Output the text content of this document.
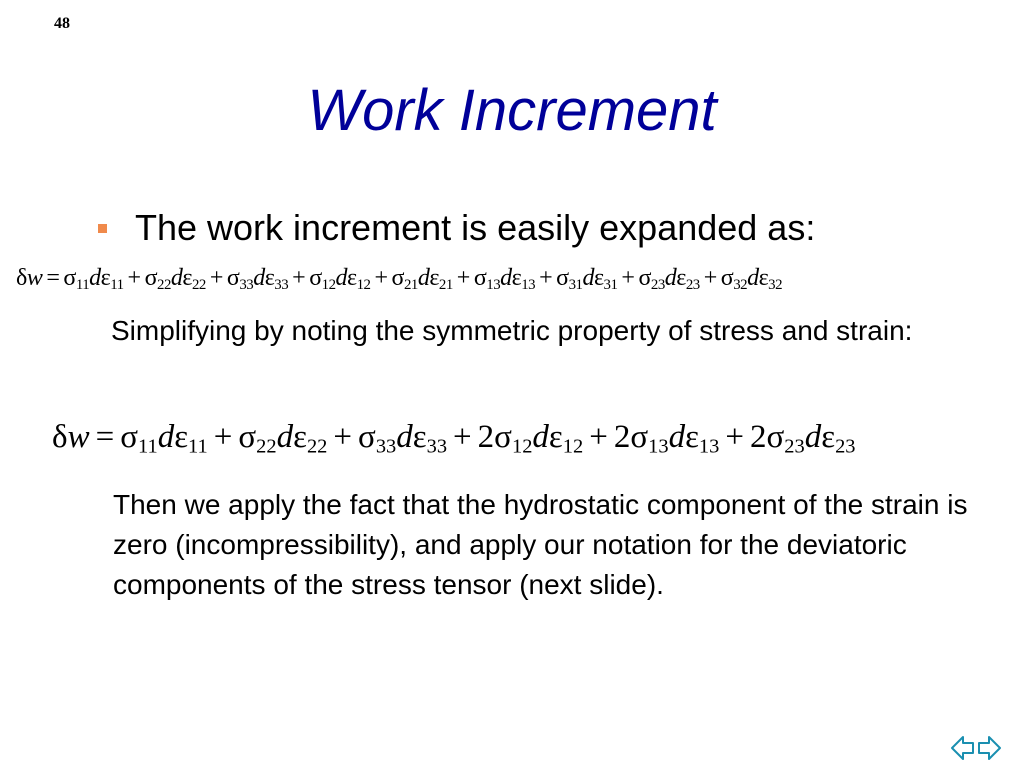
48
Work Increment
The work increment is easily expanded as:
$\delta w = \sigma_{11}d\varepsilon_{11} + \sigma_{22}d\varepsilon_{22} + \sigma_{33}d\varepsilon_{33} + \sigma_{12}d\varepsilon_{12} + \sigma_{21}d\varepsilon_{21} + \sigma_{13}d\varepsilon_{13} + \sigma_{31}d\varepsilon_{31} + \sigma_{23}d\varepsilon_{23} + \sigma_{32}d\varepsilon_{32}$
Simplifying by noting the symmetric property of stress and strain:
$\delta w = \sigma_{11}d\varepsilon_{11} + \sigma_{22}d\varepsilon_{22} + \sigma_{33}d\varepsilon_{33} + 2\sigma_{12}d\varepsilon_{12} + 2\sigma_{13}d\varepsilon_{13} + 2\sigma_{23}d\varepsilon_{23}$
Then we apply the fact that the hydrostatic component of the strain is zero (incompressibility), and apply our notation for the deviatoric components of the stress tensor (next slide).
